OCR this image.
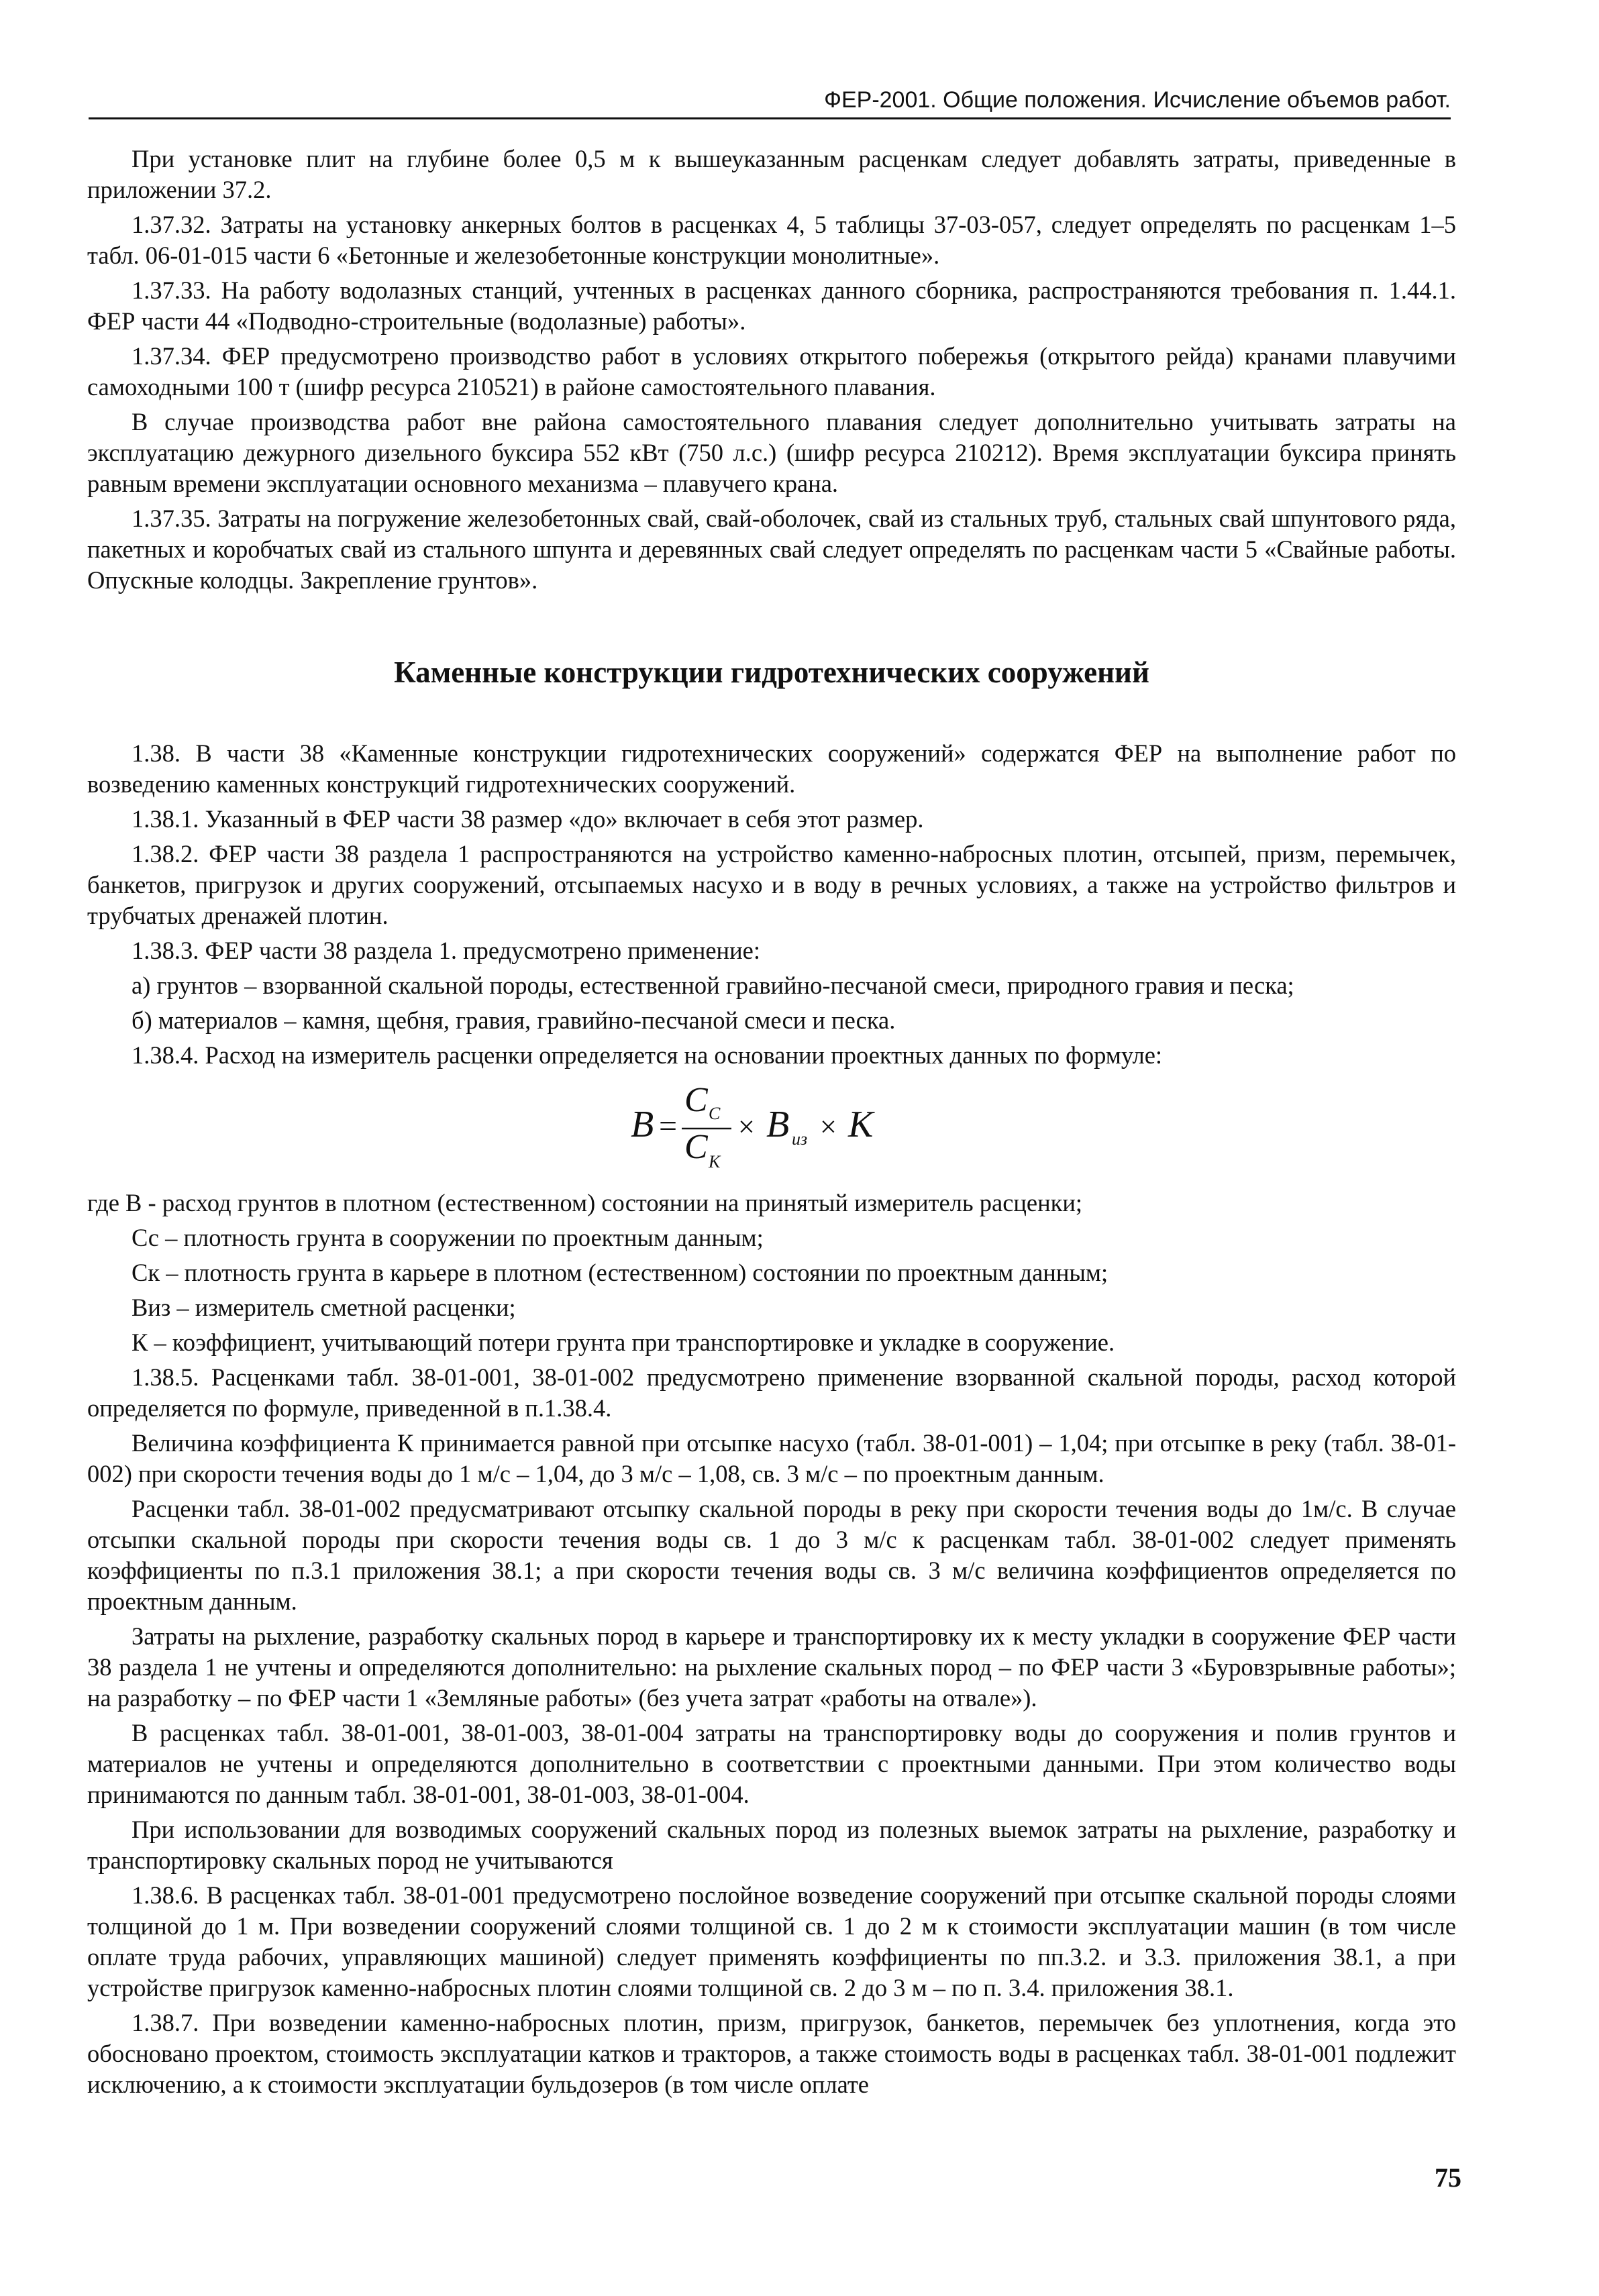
ФЕР-2001. Общие положения. Исчисление объемов работ.

При установке плит на глубине более 0,5 м к вышеуказанным расценкам следует добавлять затраты, приведенные в приложении 37.2.

1.37.32. Затраты на установку анкерных болтов в расценках 4, 5 таблицы 37-03-057, следует определять по расценкам 1–5 табл. 06-01-015 части 6 «Бетонные и железобетонные конструкции монолитные».

1.37.33. На работу водолазных станций, учтенных в расценках данного сборника, распространяются требования п. 1.44.1. ФЕР части 44 «Подводно-строительные (водолазные) работы».

1.37.34. ФЕР предусмотрено производство работ в условиях открытого побережья (открытого рейда) кранами плавучими самоходными 100 т (шифр ресурса 210521) в районе самостоятельного плавания.

В случае производства работ вне района самостоятельного плавания следует дополнительно учитывать затраты на эксплуатацию дежурного дизельного буксира 552 кВт (750 л.с.) (шифр ресурса 210212). Время эксплуатации буксира принять равным времени эксплуатации основного механизма – плавучего крана.

1.37.35. Затраты на погружение железобетонных свай, свай-оболочек, свай из стальных труб, стальных свай шпунтового ряда, пакетных и коробчатых свай из стального шпунта и деревянных свай следует определять по расценкам части 5 «Свайные работы. Опускные колодцы. Закрепление грунтов».

Каменные конструкции гидротехнических сооружений

1.38. В части 38 «Каменные конструкции гидротехнических сооружений» содержатся ФЕР на выполнение работ по возведению каменных конструкций гидротехнических сооружений.

1.38.1. Указанный в ФЕР части 38 размер «до» включает в себя этот размер.

1.38.2. ФЕР части 38 раздела 1 распространяются на устройство каменно-набросных плотин, отсыпей, призм, перемычек, банкетов, пригрузок и других сооружений, отсыпаемых насухо и в воду в речных условиях, а также на устройство фильтров и трубчатых дренажей плотин.

1.38.3. ФЕР части 38 раздела 1. предусмотрено применение:

а) грунтов – взорванной скальной породы, естественной гравийно-песчаной смеси, природного гравия и песка;

б) материалов – камня, щебня, гравия, гравийно-песчаной смеси и песка.

1.38.4. Расход на измеритель расценки определяется на основании проектных данных по формуле:

B =
C C
C K
× B из × K

где В - расход грунтов в плотном (естественном) состоянии на принятый измеритель расценки;

Сс – плотность грунта в сооружении по проектным данным;

Ск – плотность грунта в карьере в плотном (естественном) состоянии по проектным данным;

Виз – измеритель сметной расценки;

К – коэффициент, учитывающий потери грунта при транспортировке и укладке в сооружение.

1.38.5. Расценками табл. 38-01-001, 38-01-002 предусмотрено применение взорванной скальной породы, расход которой определяется по формуле, приведенной в п.1.38.4.

Величина коэффициента К принимается равной при отсыпке насухо (табл. 38-01-001) – 1,04; при отсыпке в реку (табл. 38-01-002) при скорости течения воды до 1 м/с – 1,04, до 3 м/с – 1,08, св. 3 м/с – по проектным данным.

Расценки табл. 38-01-002 предусматривают отсыпку скальной породы в реку при скорости течения воды до 1м/с. В случае отсыпки скальной породы при скорости течения воды св. 1 до 3 м/с к расценкам табл. 38-01-002 следует применять коэффициенты по п.3.1 приложения 38.1; а при скорости течения воды св. 3 м/с величина коэффициентов определяется по проектным данным.

Затраты на рыхление, разработку скальных пород в карьере и транспортировку их к месту укладки в сооружение ФЕР части 38 раздела 1 не учтены и определяются дополнительно: на рыхление скальных пород – по ФЕР части 3 «Буровзрывные работы»; на разработку – по ФЕР части 1 «Земляные работы» (без учета затрат «работы на отвале»).

В расценках табл. 38-01-001, 38-01-003, 38-01-004 затраты на транспортировку воды до сооружения и полив грунтов и материалов не учтены и определяются дополнительно в соответствии с проектными данными. При этом количество воды принимаются по данным табл. 38-01-001, 38-01-003, 38-01-004.

При использовании для возводимых сооружений скальных пород из полезных выемок затраты на рыхление, разработку и транспортировку скальных пород не учитываются

1.38.6. В расценках табл. 38-01-001 предусмотрено послойное возведение сооружений при отсыпке скальной породы слоями толщиной до 1 м. При возведении сооружений слоями толщиной св. 1 до 2 м к стоимости эксплуатации машин (в том числе оплате труда рабочих, управляющих машиной) следует применять коэффициенты по пп.3.2. и 3.3. приложения 38.1, а при устройстве пригрузок каменно-набросных плотин слоями толщиной св. 2 до 3 м – по п. 3.4. приложения 38.1.

1.38.7. При возведении каменно-набросных плотин, призм, пригрузок, банкетов, перемычек без уплотнения, когда это обосновано проектом, стоимость эксплуатации катков и тракторов, а также стоимость воды в расценках табл. 38-01-001 подлежит исключению, а к стоимости эксплуатации бульдозеров (в том числе оплате

75
